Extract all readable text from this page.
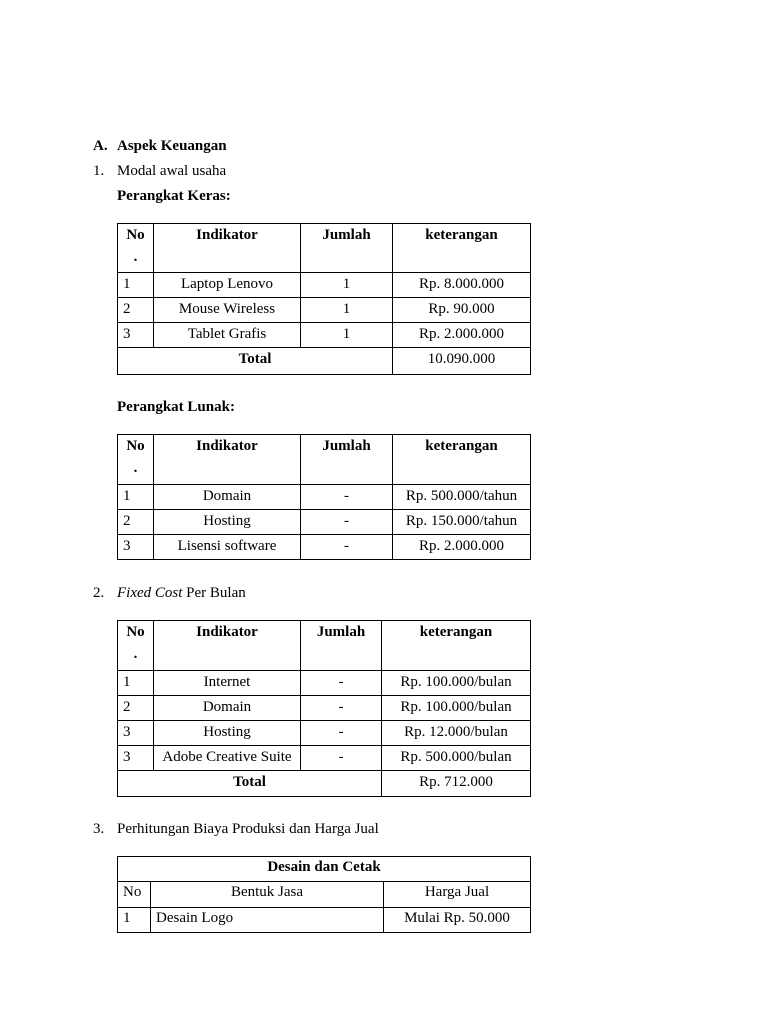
A. Aspek Keuangan
1. Modal awal usaha
Perangkat Keras:
No.	Indikator	Jumlah	keterangan
1	Laptop Lenovo	1	Rp. 8.000.000
2	Mouse Wireless	1	Rp. 90.000
3	Tablet Grafis	1	Rp. 2.000.000
Total			10.090.000
Perangkat Lunak:
No.	Indikator	Jumlah	keterangan
1	Domain	-	Rp. 500.000/tahun
2	Hosting	-	Rp. 150.000/tahun
3	Lisensi software	-	Rp. 2.000.000
2. Fixed Cost Per Bulan
No.	Indikator	Jumlah	keterangan
1	Internet	-	Rp. 100.000/bulan
2	Domain	-	Rp. 100.000/bulan
3	Hosting	-	Rp. 12.000/bulan
3	Adobe Creative Suite	-	Rp. 500.000/bulan
Total			Rp. 712.000
3. Perhitungan Biaya Produksi dan Harga Jual
Desain dan Cetak		
No	Bentuk Jasa	Harga Jual
1	Desain Logo	Mulai Rp. 50.000
